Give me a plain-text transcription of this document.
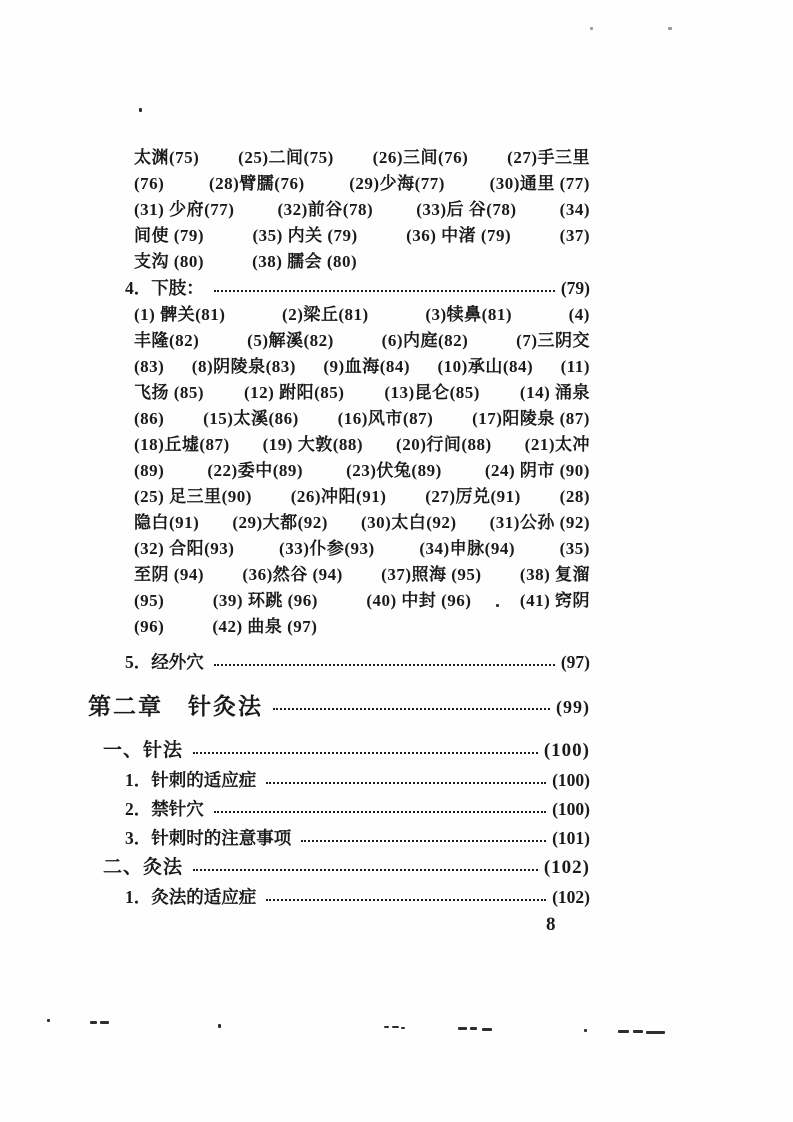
太渊(75) (25)二间(75) (26)三间(76) (27)手三里
(76)	(28)臂臑(76)	(29)少海(77)	(30)通里 (77)
(31) 少府(77)	(32)前谷(78)	(33)后 谷(78)	(34)
间使 (79)	(35) 内关 (79)	(36) 中渚 (79)	(37)
支沟 (80)	(38) 臑会 (80)
4．下肢：	(79)
(1) 髀关(81)	(2)梁丘(81)	(3)犊鼻(81)	(4)
丰隆(82)	(5)解溪(82)	(6)内庭(82)	(7)三阴交
(83) (8)阴陵泉(83) (9)血海(84) (10)承山(84) (11)
飞扬 (85) (12) 跗阳(85) (13)昆仑(85) (14) 涌泉
(86) (15)太溪(86) (16)风市(87) (17)阳陵泉 (87)
(18)丘墟(87) (19) 大敦(88) (20)行间(88) (21)太冲
(89)	(22)委中(89)	(23)伏兔(89)	(24) 阴市 (90)
(25) 足三里(90) (26)冲阳(91) (27)厉兑(91) (28)
隐白(91) (29)大都(92) (30)太白(92) (31)公孙 (92)
(32) 合阳(93)	(33)仆参(93)	(34)申脉(94)	(35)
至阴 (94) (36)然谷 (94) (37)照海 (95) (38) 复溜
(95)	(39) 环跳 (96)	(40) 中封 (96)	(41) 窍阴
(96)	(42) 曲泉 (97)
5．经外穴	(97)
第二章　针灸法	(99)
一、针法	(100)
1．针刺的适应症	(100)
2．禁针穴	(100)
3．针刺时的注意事项	(101)
二、灸法	(102)
1．灸法的适应症	(102)
8
